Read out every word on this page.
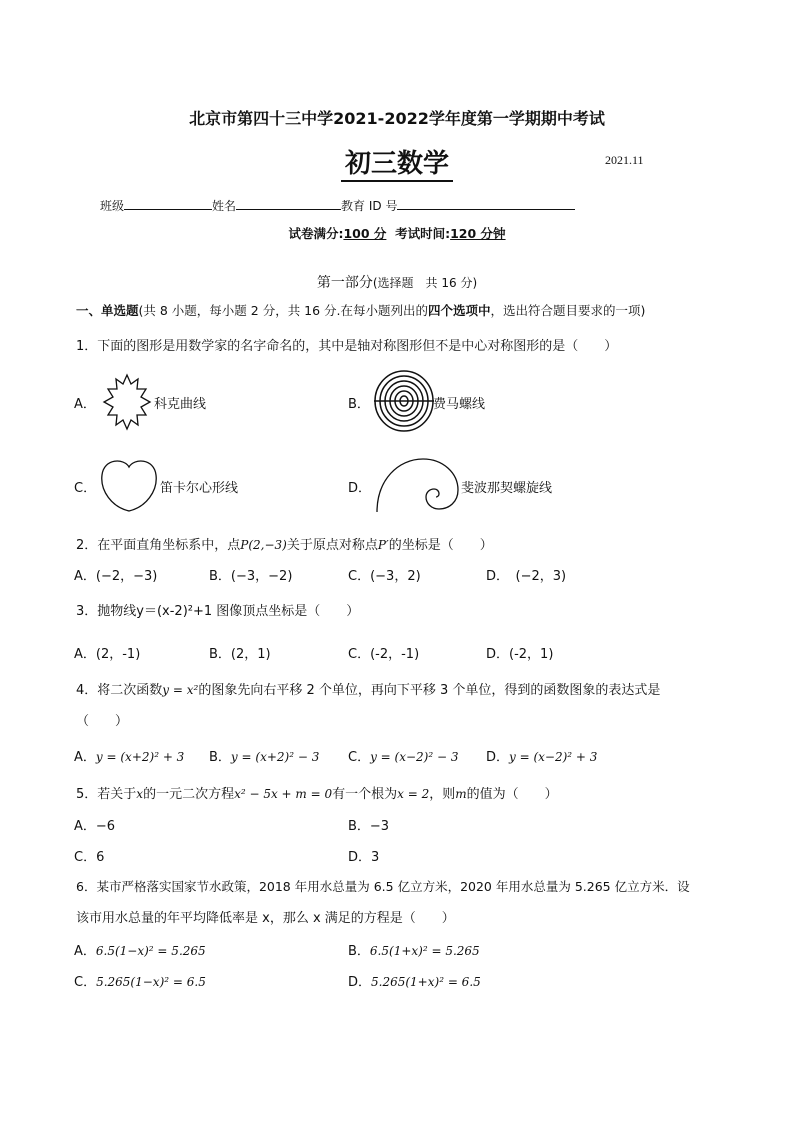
北京市第四十三中学2021-2022学年度第一学期期中考试
初三数学	2021.11
班级	姓名	教育 ID 号
试卷满分:100 分 考试时间:120 分钟
第一部分(选择题　共 16 分)
一、单选题(共 8 小题，每小题 2 分，共 16 分.在每小题列出的四个选项中，选出符合题目要求的一项)
1．下面的图形是用数学家的名字命名的，其中是轴对称图形但不是中心对称图形的是（　　）
A．	科克曲线	B．	费马螺线
C．	笛卡尔心形线	D．	斐波那契螺旋线
2．在平面直角坐标系中，点P(2,−3)关于原点对称点P′的坐标是（　　）
A．(−2，−3)	B．(−3，−2)	C．(−3，2)	D．　(−2，3)
3．抛物线y＝(x-2)²+1 图像顶点坐标是（　　）
A．(2，-1)	B．(2，1)	C．(-2，-1)	D．(-2，1)
4．将二次函数y = x²的图象先向右平移 2 个单位，再向下平移 3 个单位，得到的函数图象的表达式是
（　　）
A．y = (x+2)² + 3 B．y = (x+2)² − 3 C．y = (x−2)² − 3 D．y = (x−2)² + 3
5．若关于x的一元二次方程x² − 5x + m = 0有一个根为x = 2，则m的值为（　　）
A．−6	B．−3
C．6	D．3
6．某市严格落实国家节水政策，2018 年用水总量为 6.5 亿立方米，2020 年用水总量为 5.265 亿立方米．设
该市用水总量的年平均降低率是 x，那么 x 满足的方程是（　　）
A．6.5(1−x)² = 5.265	B．6.5(1+x)² = 5.265
C．5.265(1−x)² = 6.5	D．5.265(1+x)² = 6.5
